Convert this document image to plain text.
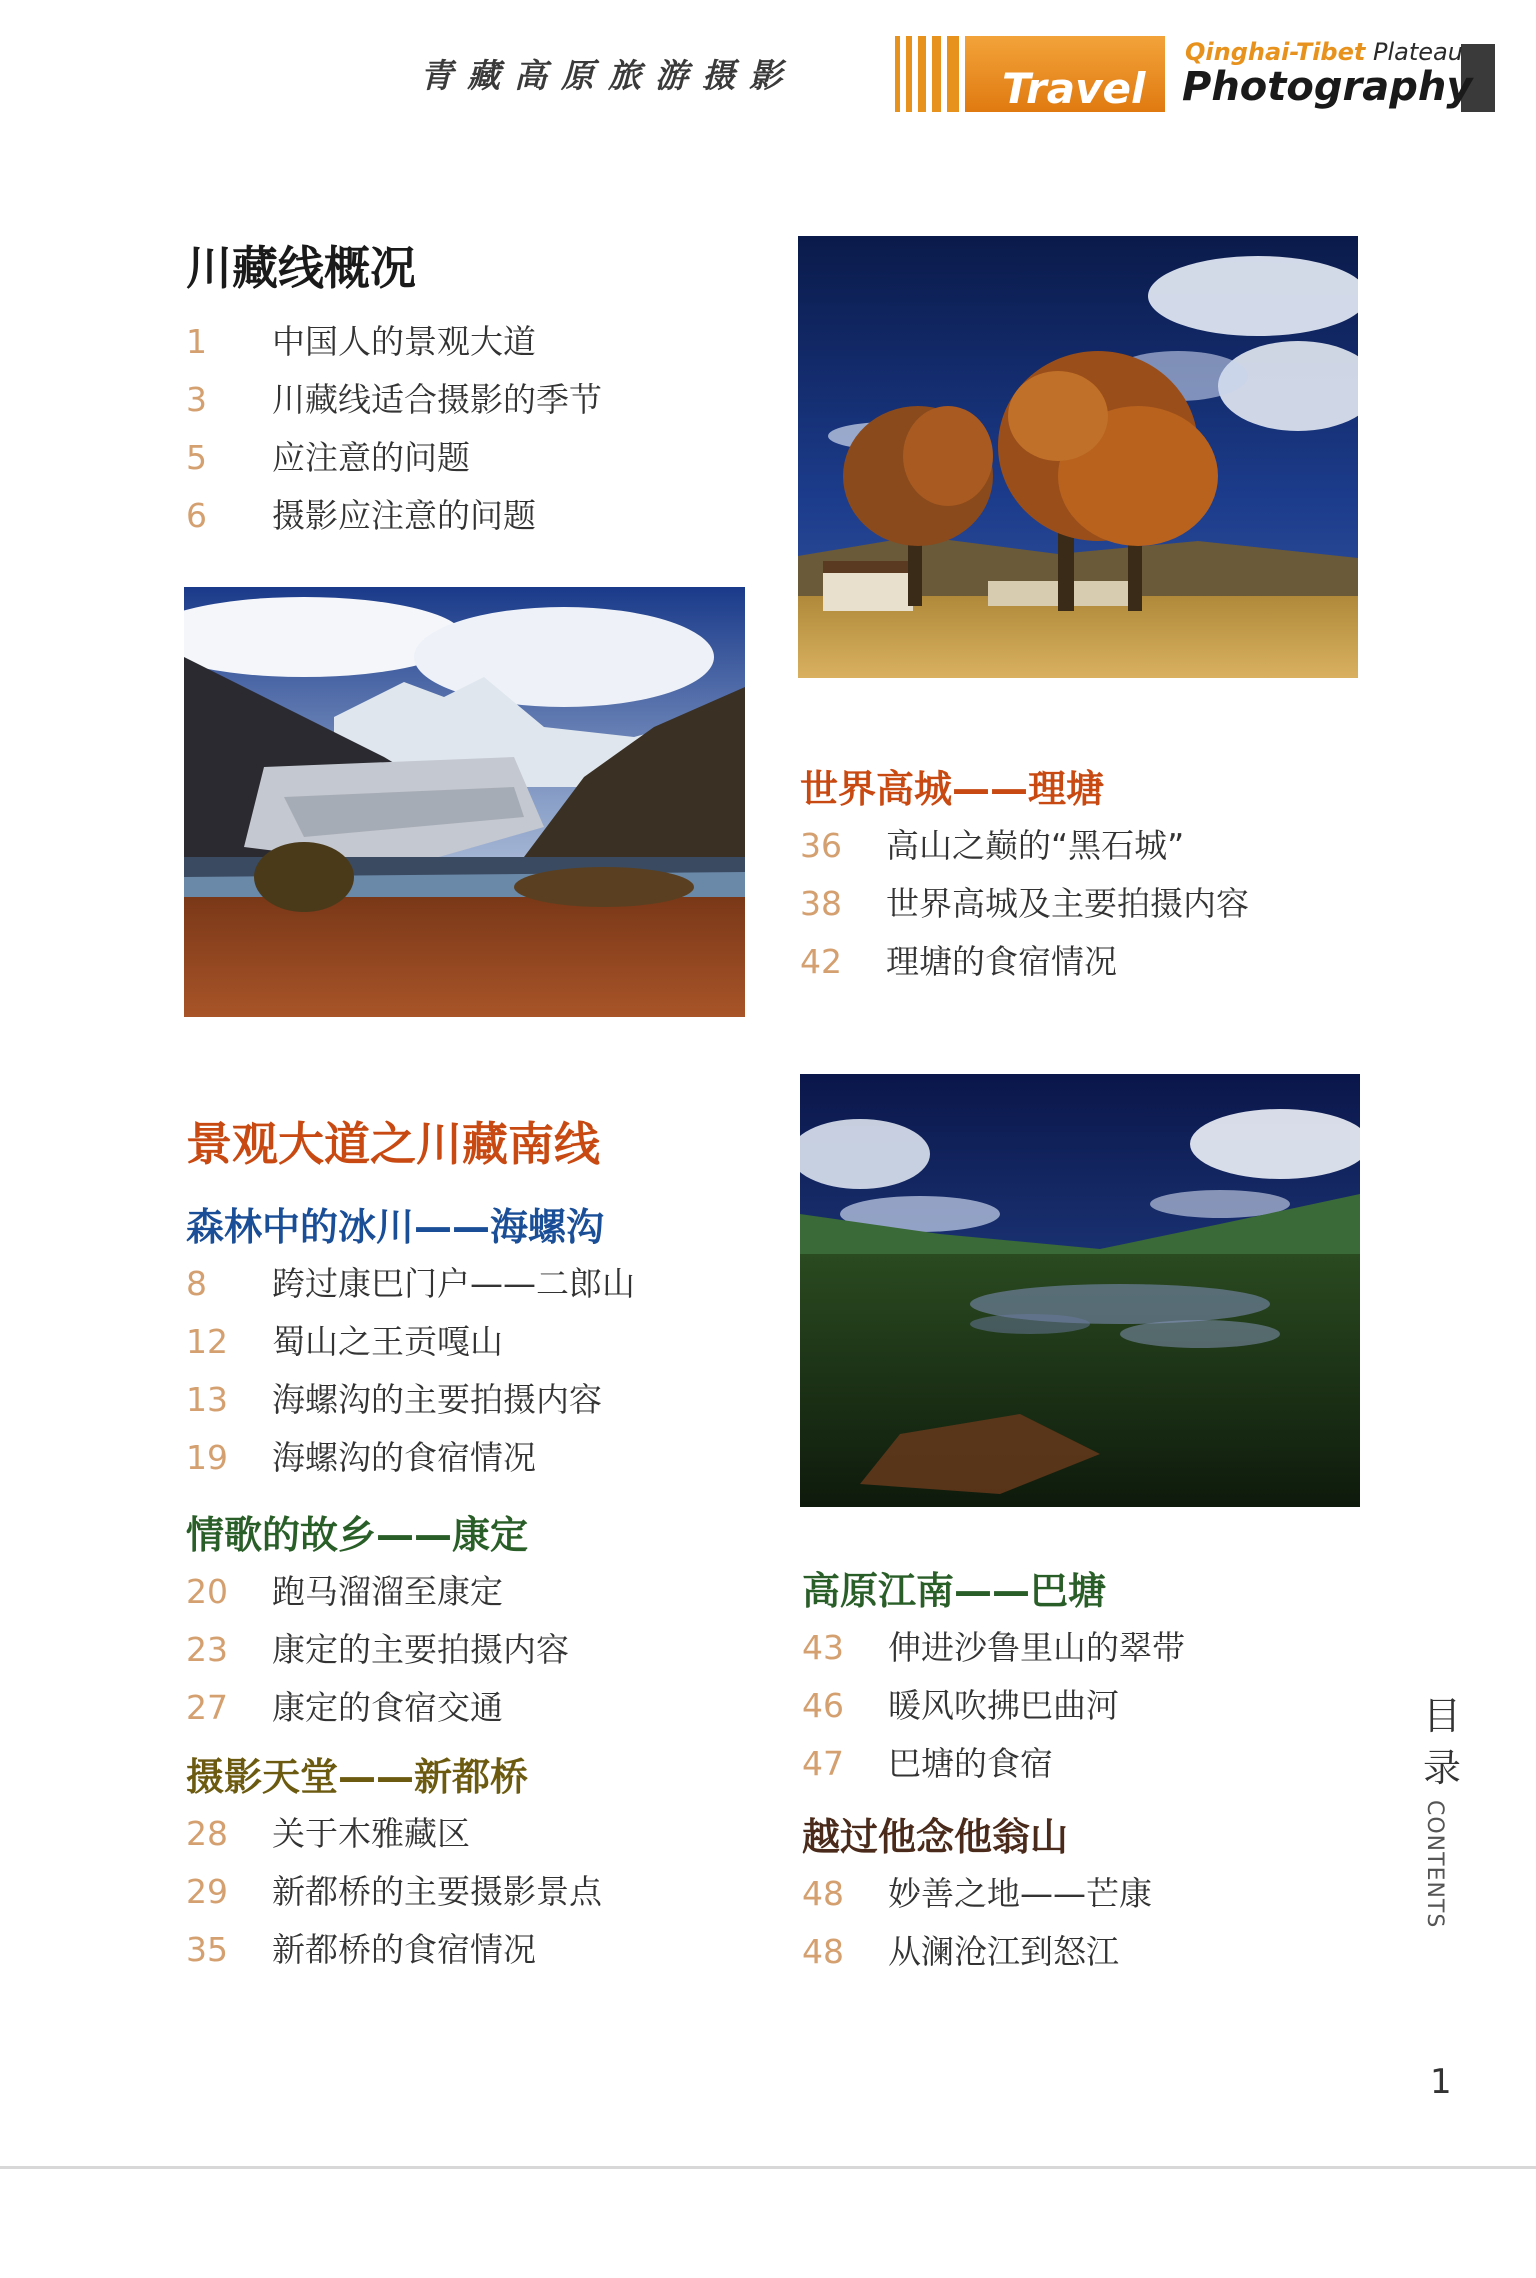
青藏高原旅游摄影
Qinghai-Tibet Plateau
Travel Photography
川藏线概况
1 中国人的景观大道
3 川藏线适合摄影的季节
5 应注意的问题
6 摄影应注意的问题
世界高城——理塘
36 高山之巅的“黑石城”
38 世界高城及主要拍摄内容
42 理塘的食宿情况
景观大道之川藏南线
森林中的冰川——海螺沟
8 跨过康巴门户——二郎山
12 蜀山之王贡嘎山
13 海螺沟的主要拍摄内容
19 海螺沟的食宿情况
情歌的故乡——康定
20 跑马溜溜至康定
23 康定的主要拍摄内容
27 康定的食宿交通
摄影天堂——新都桥
28 关于木雅藏区
29 新都桥的主要摄影景点
35 新都桥的食宿情况
高原江南——巴塘
43 伸进沙鲁里山的翠带
46 暖风吹拂巴曲河
47 巴塘的食宿
越过他念他翁山
48 妙善之地——芒康
48 从澜沧江到怒江
目录
CONTENTS
1
